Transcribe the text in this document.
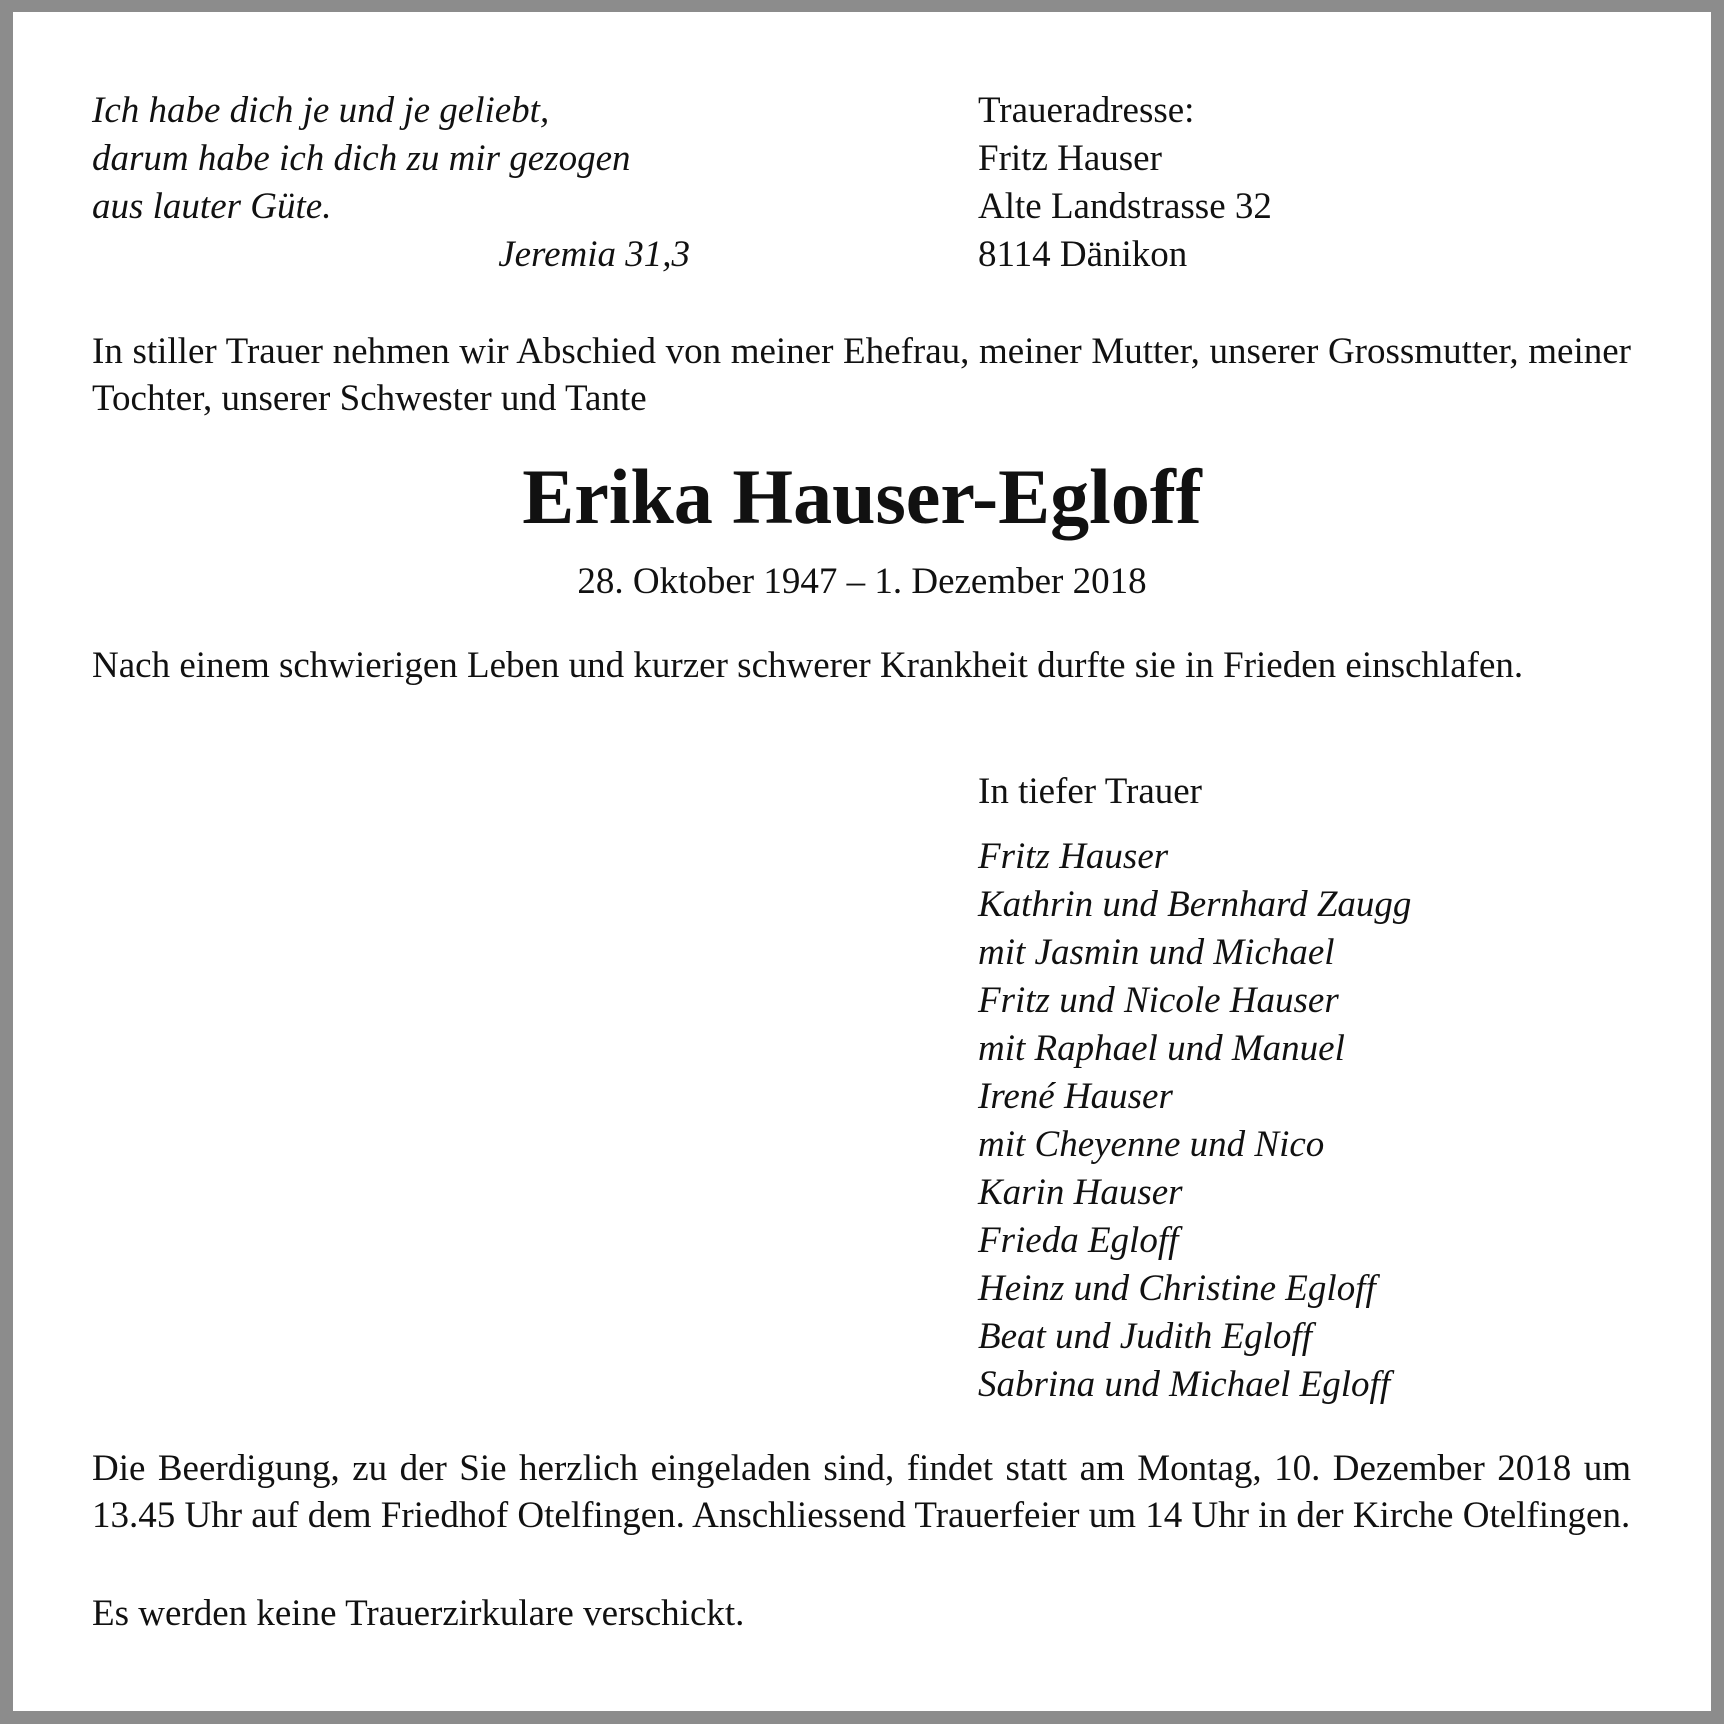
Ich habe dich je und je geliebt,
darum habe ich dich zu mir gezogen
aus lauter Güte.
Jeremia 31,3
Traueradresse:
Fritz Hauser
Alte Landstrasse 32
8114 Dänikon

In stiller Trauer nehmen wir Abschied von meiner Ehefrau, meiner Mutter, unserer Grossmutter, meiner Tochter, unserer Schwester und Tante

Erika Hauser-Egloff
28. Oktober 1947 – 1. Dezember 2018

Nach einem schwierigen Leben und kurzer schwerer Krankheit durfte sie in Frieden einschlafen.

In tiefer Trauer
Fritz Hauser
Kathrin und Bernhard Zaugg
mit Jasmin und Michael
Fritz und Nicole Hauser
mit Raphael und Manuel
Irené Hauser
mit Cheyenne und Nico
Karin Hauser
Frieda Egloff
Heinz und Christine Egloff
Beat und Judith Egloff
Sabrina und Michael Egloff

Die Beerdigung, zu der Sie herzlich eingeladen sind, findet statt am Montag, 10. Dezember 2018 um 13.45 Uhr auf dem Friedhof Otelfingen. Anschliessend Trauerfeier um 14 Uhr in der Kirche Otelfingen.

Es werden keine Trauerzirkulare verschickt.
